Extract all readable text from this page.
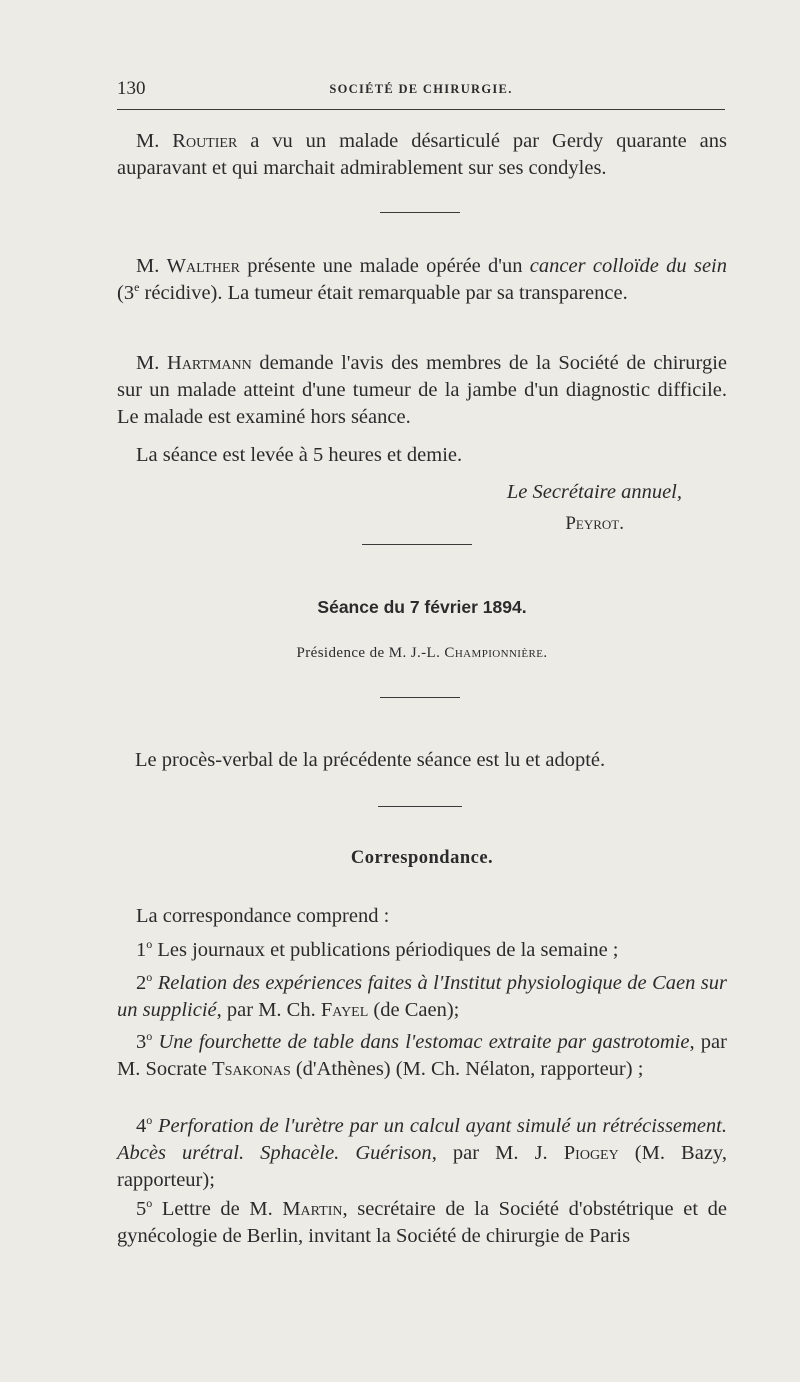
130	SOCIÉTÉ DE CHIRURGIE.

M. Routier a vu un malade désarticulé par Gerdy quarante ans auparavant et qui marchait admirablement sur ses condyles.

M. Walther présente une malade opérée d'un cancer colloïde du sein (3e récidive). La tumeur était remarquable par sa transparence.

M. Hartmann demande l'avis des membres de la Société de chirurgie sur un malade atteint d'une tumeur de la jambe d'un diagnostic difficile. Le malade est examiné hors séance.

La séance est levée à 5 heures et demie.

Le Secrétaire annuel,
Peyrot.
Séance du 7 février 1894.
Présidence de M. J.-L. Championnière.

Le procès-verbal de la précédente séance est lu et adopté.

Correspondance.

La correspondance comprend :

1$^o$ Les journaux et publications périodiques de la semaine ;

2$^o$ Relation des expériences faites à l'Institut physiologique de Caen sur un supplicié, par M. Ch. Fayel (de Caen);

3$^o$ Une fourchette de table dans l'estomac extraite par gastrotomie, par M. Socrate Tsakonas (d'Athènes) (M. Ch. Nélaton, rapporteur) ;

4$^o$ Perforation de l'urètre par un calcul ayant simulé un rétrécissement. Abcès urétral. Sphacèle. Guérison, par M. J. Piogey (M. Bazy, rapporteur);

5$^o$ Lettre de M. Martin, secrétaire de la Société d'obstétrique et de gynécologie de Berlin, invitant la Société de chirurgie de Paris
